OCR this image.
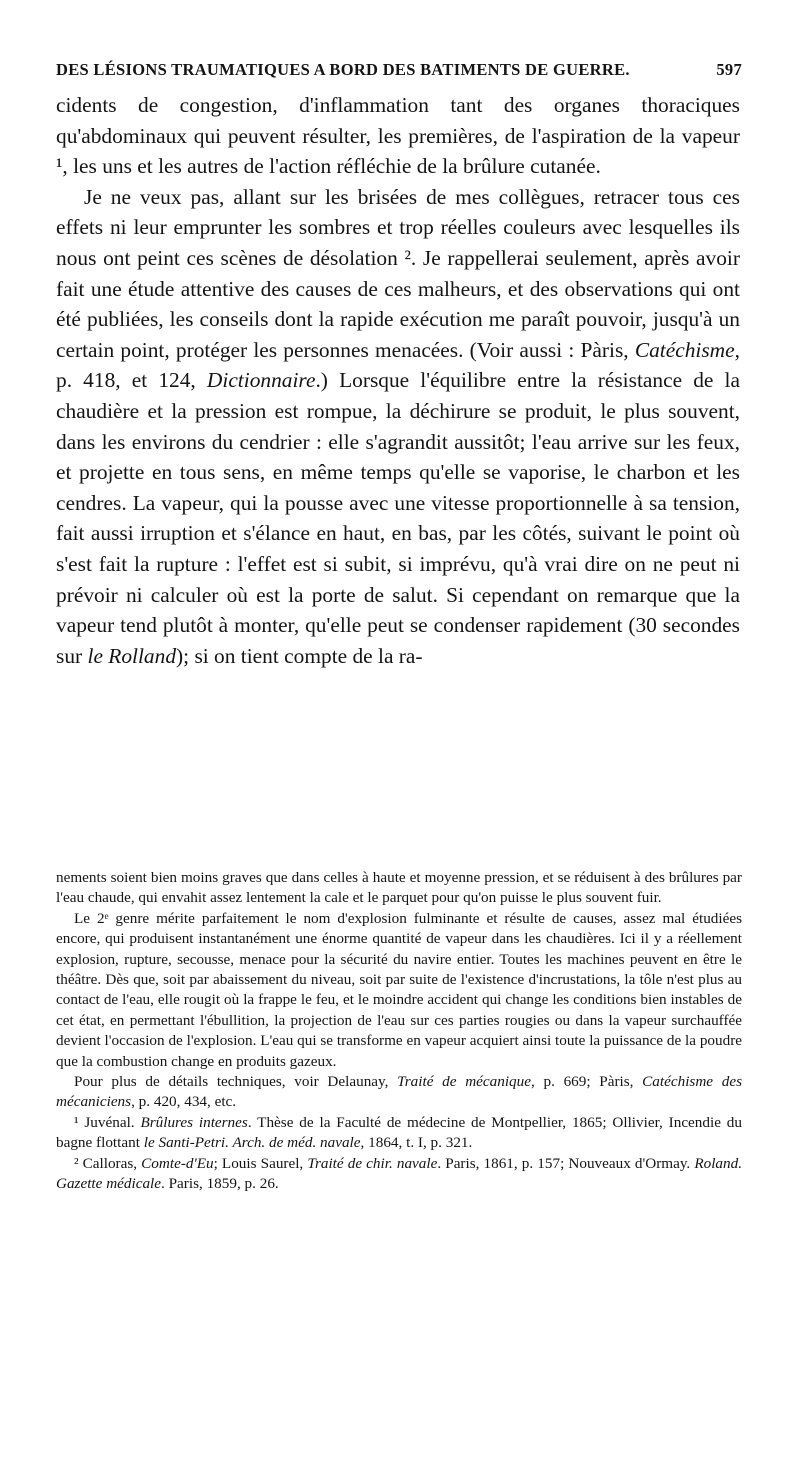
DES LÉSIONS TRAUMATIQUES A BORD DES BATIMENTS DE GUERRE.	597

cidents de congestion, d'inflammation tant des organes thoraciques qu'abdominaux qui peuvent résulter, les premières, de l'aspiration de la vapeur ¹, les uns et les autres de l'action réfléchie de la brûlure cutanée.

Je ne veux pas, allant sur les brisées de mes collègues, retracer tous ces effets ni leur emprunter les sombres et trop réelles couleurs avec lesquelles ils nous ont peint ces scènes de désolation ². Je rappellerai seulement, après avoir fait une étude attentive des causes de ces malheurs, et des observations qui ont été publiées, les conseils dont la rapide exécution me paraît pouvoir, jusqu'à un certain point, protéger les personnes menacées. (Voir aussi : Pàris, Catéchisme, p. 418, et 124, Dictionnaire.) Lorsque l'équilibre entre la résistance de la chaudière et la pression est rompue, la déchirure se produit, le plus souvent, dans les environs du cendrier : elle s'agrandit aussitôt; l'eau arrive sur les feux, et projette en tous sens, en même temps qu'elle se vaporise, le charbon et les cendres. La vapeur, qui la pousse avec une vitesse proportionnelle à sa tension, fait aussi irruption et s'élance en haut, en bas, par les côtés, suivant le point où s'est fait la rupture : l'effet est si subit, si imprévu, qu'à vrai dire on ne peut ni prévoir ni calculer où est la porte de salut. Si cependant on remarque que la vapeur tend plutôt à monter, qu'elle peut se condenser rapidement (30 secondes sur le Rolland); si on tient compte de la ra-

nements soient bien moins graves que dans celles à haute et moyenne pression, et se réduisent à des brûlures par l'eau chaude, qui envahit assez lentement la cale et le parquet pour qu'on puisse le plus souvent fuir.

Le 2ᵉ genre mérite parfaitement le nom d'explosion fulminante et résulte de causes, assez mal étudiées encore, qui produisent instantanément une énorme quantité de vapeur dans les chaudières. Ici il y a réellement explosion, rupture, secousse, menace pour la sécurité du navire entier. Toutes les machines peuvent en être le théâtre. Dès que, soit par abaissement du niveau, soit par suite de l'existence d'incrustations, la tôle n'est plus au contact de l'eau, elle rougit où la frappe le feu, et le moindre accident qui change les conditions bien instables de cet état, en permettant l'ébullition, la projection de l'eau sur ces parties rougies ou dans la vapeur surchauffée devient l'occasion de l'explosion. L'eau qui se transforme en vapeur acquiert ainsi toute la puissance de la poudre que la combustion change en produits gazeux.

Pour plus de détails techniques, voir Delaunay, Traité de mécanique, p. 669; Pàris, Catéchisme des mécaniciens, p. 420, 434, etc.

¹ Juvénal. Brûlures internes. Thèse de la Faculté de médecine de Montpellier, 1865; Ollivier, Incendie du bagne flottant le Santi-Petri. Arch. de méd. navale, 1864, t. I, p. 321.

² Calloras, Comte-d'Eu; Louis Saurel, Traité de chir. navale. Paris, 1861, p. 157; Nouveaux d'Ormay. Roland. Gazette médicale. Paris, 1859, p. 26.
